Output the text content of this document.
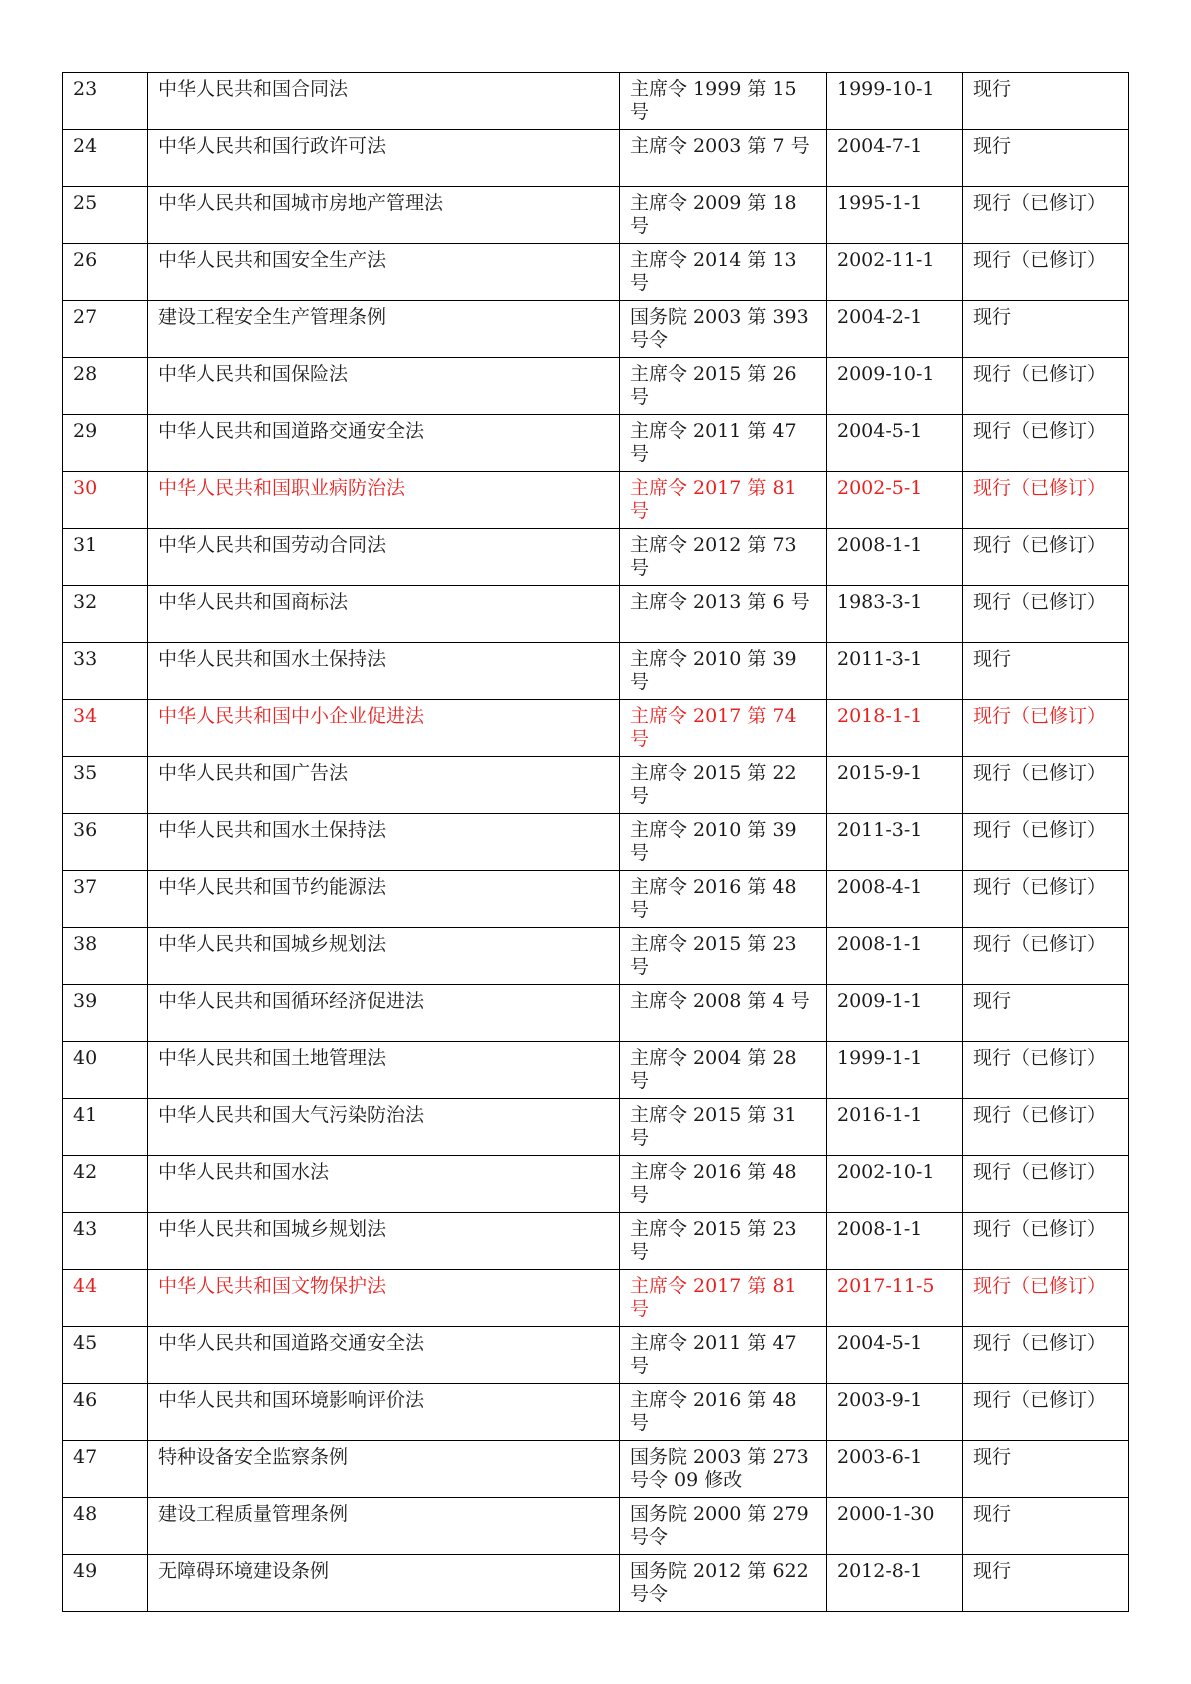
23	中华人民共和国合同法	主席令 1999 第 15 号	1999-10-1	现行
24	中华人民共和国行政许可法	主席令 2003 第 7 号	2004-7-1	现行
25	中华人民共和国城市房地产管理法	主席令 2009 第 18 号	1995-1-1	现行（已修订）
26	中华人民共和国安全生产法	主席令 2014 第 13 号	2002-11-1	现行（已修订）
27	建设工程安全生产管理条例	国务院 2003 第 393 号令	2004-2-1	现行
28	中华人民共和国保险法	主席令 2015 第 26 号	2009-10-1	现行（已修订）
29	中华人民共和国道路交通安全法	主席令 2011 第 47 号	2004-5-1	现行（已修订）
30	中华人民共和国职业病防治法	主席令 2017 第 81 号	2002-5-1	现行（已修订）
31	中华人民共和国劳动合同法	主席令 2012 第 73 号	2008-1-1	现行（已修订）
32	中华人民共和国商标法	主席令 2013 第 6 号	1983-3-1	现行（已修订）
33	中华人民共和国水土保持法	主席令 2010 第 39 号	2011-3-1	现行
34	中华人民共和国中小企业促进法	主席令 2017 第 74 号	2018-1-1	现行（已修订）
35	中华人民共和国广告法	主席令 2015 第 22 号	2015-9-1	现行（已修订）
36	中华人民共和国水土保持法	主席令 2010 第 39 号	2011-3-1	现行（已修订）
37	中华人民共和国节约能源法	主席令 2016 第 48 号	2008-4-1	现行（已修订）
38	中华人民共和国城乡规划法	主席令 2015 第 23 号	2008-1-1	现行（已修订）
39	中华人民共和国循环经济促进法	主席令 2008 第 4 号	2009-1-1	现行
40	中华人民共和国土地管理法	主席令 2004 第 28 号	1999-1-1	现行（已修订）
41	中华人民共和国大气污染防治法	主席令 2015 第 31 号	2016-1-1	现行（已修订）
42	中华人民共和国水法	主席令 2016 第 48 号	2002-10-1	现行（已修订）
43	中华人民共和国城乡规划法	主席令 2015 第 23 号	2008-1-1	现行（已修订）
44	中华人民共和国文物保护法	主席令 2017 第 81 号	2017-11-5	现行（已修订）
45	中华人民共和国道路交通安全法	主席令 2011 第 47 号	2004-5-1	现行（已修订）
46	中华人民共和国环境影响评价法	主席令 2016 第 48 号	2003-9-1	现行（已修订）
47	特种设备安全监察条例	国务院 2003 第 273 号令 09 修改	2003-6-1	现行
48	建设工程质量管理条例	国务院 2000 第 279 号令	2000-1-30	现行
49	无障碍环境建设条例	国务院 2012 第 622 号令	2012-8-1	现行
